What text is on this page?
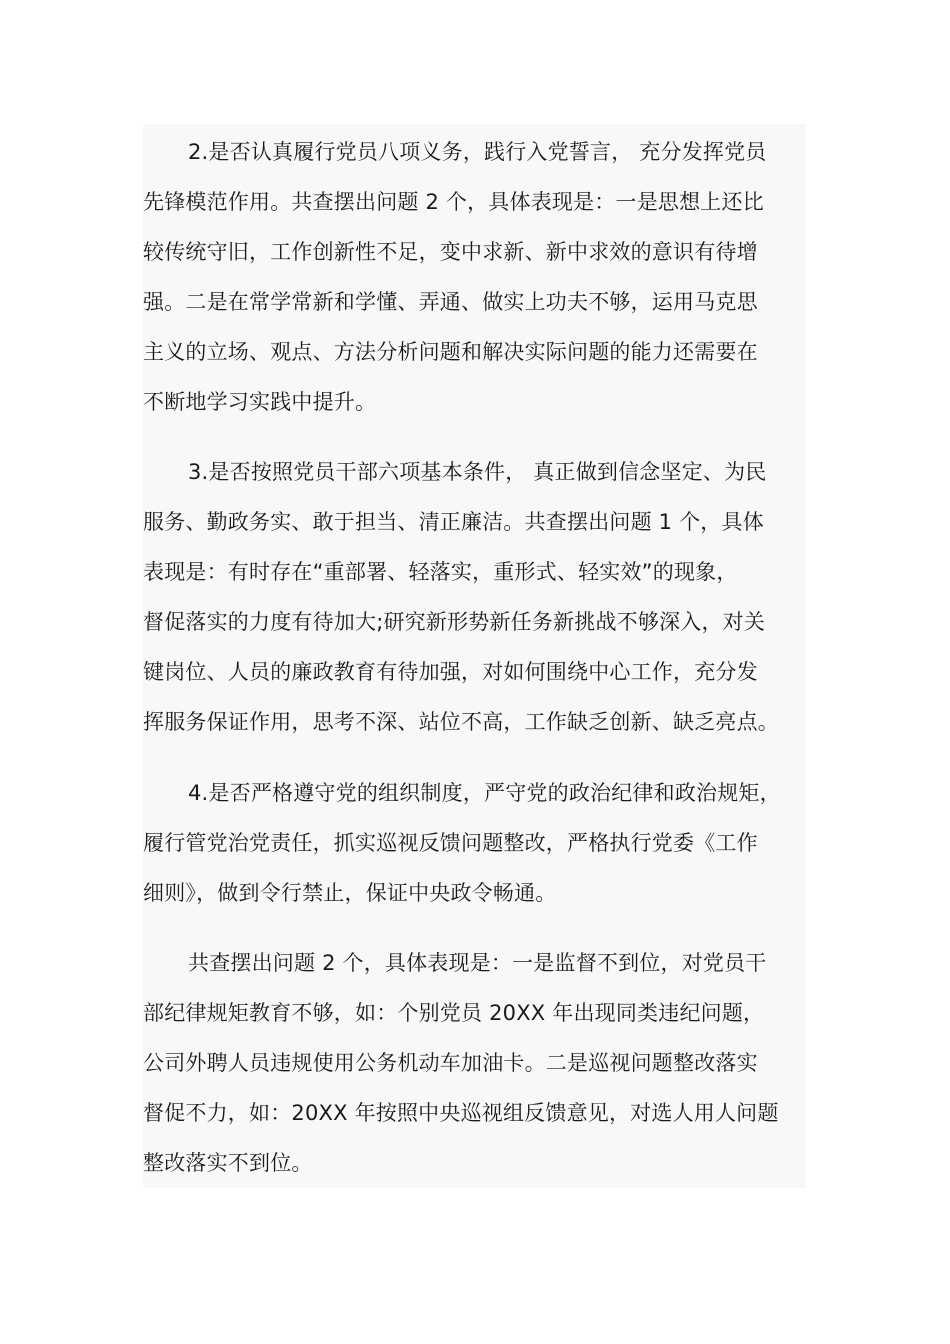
2.是否认真履行党员八项义务，践行入党誓言， 充分发挥党员
先锋模范作用。共查摆出问题 2 个，具体表现是：一是思想上还比
较传统守旧，工作创新性不足，变中求新、新中求效的意识有待增
强。二是在常学常新和学懂、弄通、做实上功夫不够，运用马克思
主义的立场、观点、方法分析问题和解决实际问题的能力还需要在
不断地学习实践中提升。
3.是否按照党员干部六项基本条件， 真正做到信念坚定、为民
服务、勤政务实、敢于担当、清正廉洁。共查摆出问题 1 个，具体
表现是：有时存在“重部署、轻落实，重形式、轻实效”的现象，
督促落实的力度有待加大;研究新形势新任务新挑战不够深入，对关
键岗位、人员的廉政教育有待加强，对如何围绕中心工作，充分发
挥服务保证作用，思考不深、站位不高，工作缺乏创新、缺乏亮点。
4.是否严格遵守党的组织制度，严守党的政治纪律和政治规矩，
履行管党治党责任，抓实巡视反馈问题整改，严格执行党委《工作
细则》，做到令行禁止，保证中央政令畅通。
共查摆出问题 2 个，具体表现是：一是监督不到位，对党员干
部纪律规矩教育不够，如：个别党员 20XX 年出现同类违纪问题，
公司外聘人员违规使用公务机动车加油卡。二是巡视问题整改落实
督促不力，如：20XX 年按照中央巡视组反馈意见，对选人用人问题
整改落实不到位。
